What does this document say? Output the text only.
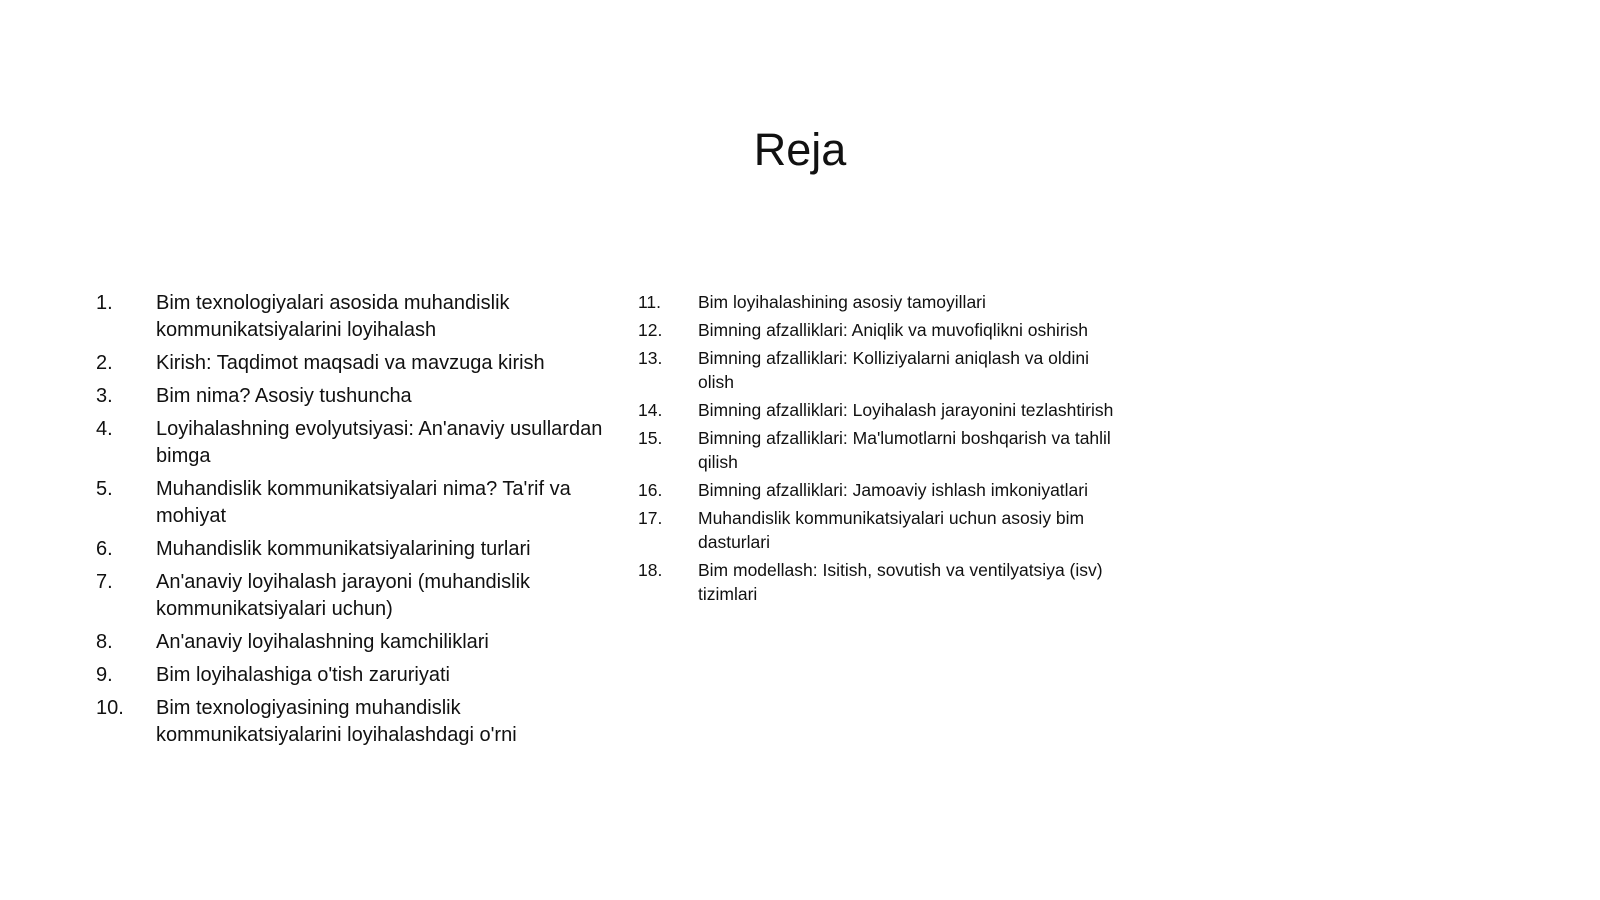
Reja
1.	Bim texnologiyalari asosida muhandislik kommunikatsiyalarini loyihalash
2.	Kirish: Taqdimot maqsadi va mavzuga kirish
3.	Bim nima? Asosiy tushuncha
4.	Loyihalashning evolyutsiyasi: An'anaviy usullardan bimga
5.	Muhandislik kommunikatsiyalari nima? Ta'rif va mohiyat
6.	Muhandislik kommunikatsiyalarining turlari
7.	An'anaviy loyihalash jarayoni (muhandislik kommunikatsiyalari uchun)
8.	An'anaviy loyihalashning kamchiliklari
9.	Bim loyihalashiga o'tish zaruriyati
10.	Bim texnologiyasining muhandislik kommunikatsiyalarini loyihalashdagi o'rni
11.	Bim loyihalashining asosiy tamoyillari
12.	Bimning afzalliklari: Aniqlik va muvofiqlikni oshirish
13.	Bimning afzalliklari: Kolliziyalarni aniqlash va oldini olish
14.	Bimning afzalliklari: Loyihalash jarayonini tezlashtirish
15.	Bimning afzalliklari: Ma'lumotlarni boshqarish va tahlil qilish
16.	Bimning afzalliklari: Jamoaviy ishlash imkoniyatlari
17.	Muhandislik kommunikatsiyalari uchun asosiy bim dasturlari
18.	Bim modellash: Isitish, sovutish va ventilyatsiya (isv) tizimlari
